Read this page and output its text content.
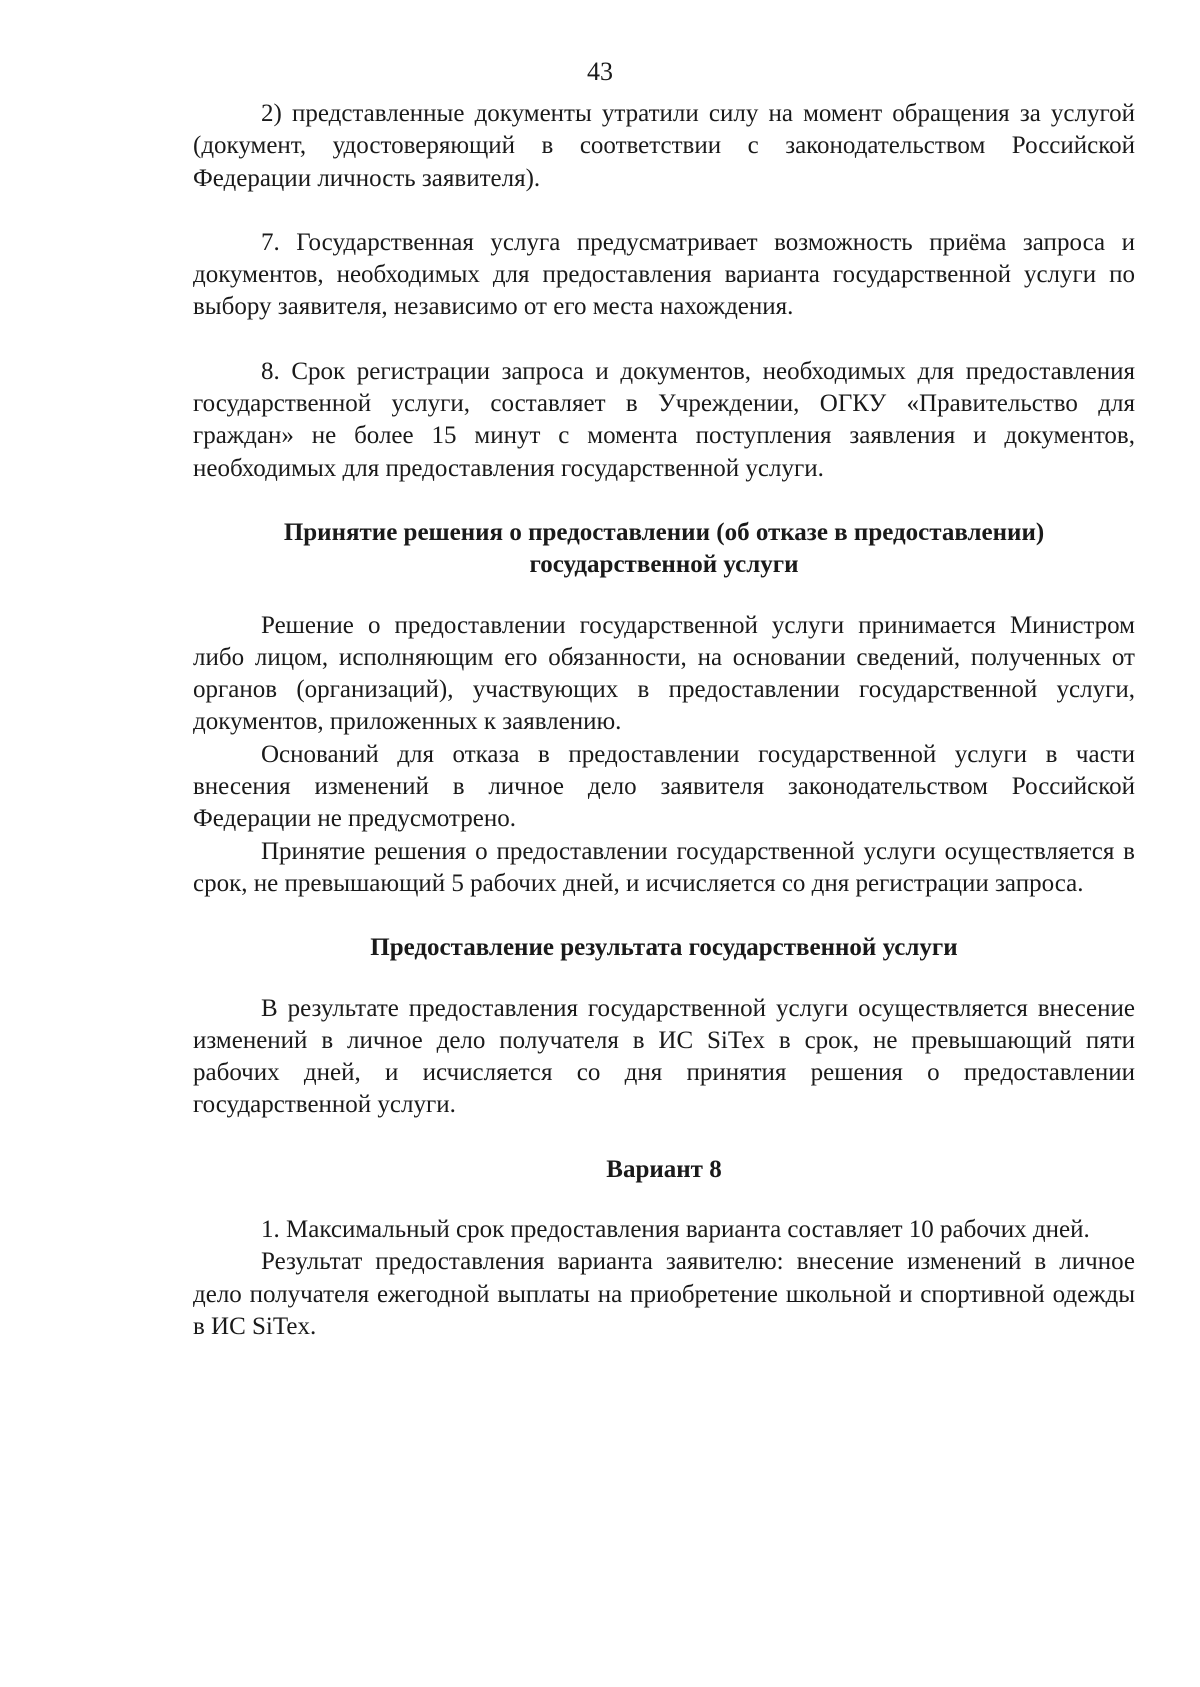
43

2) представленные документы утратили силу на момент обращения за услугой (документ, удостоверяющий в соответствии с законодательством Российской Федерации личность заявителя).

7. Государственная услуга предусматривает возможность приёма запроса и документов, необходимых для предоставления варианта государственной услуги по выбору заявителя, независимо от его места нахождения.

8. Срок регистрации запроса и документов, необходимых для предоставления государственной услуги, составляет в Учреждении, ОГКУ «Правительство для граждан» не более 15 минут с момента поступления заявления и документов, необходимых для предоставления государственной услуги.

Принятие решения о предоставлении (об отказе в предоставлении) государственной услуги

Решение о предоставлении государственной услуги принимается Министром либо лицом, исполняющим его обязанности, на основании сведений, полученных от органов (организаций), участвующих в предоставлении государственной услуги, документов, приложенных к заявлению.

Оснований для отказа в предоставлении государственной услуги в части внесения изменений в личное дело заявителя законодательством Российской Федерации не предусмотрено.

Принятие решения о предоставлении государственной услуги осуществляется в срок, не превышающий 5 рабочих дней, и исчисляется со дня регистрации запроса.

Предоставление результата государственной услуги

В результате предоставления государственной услуги осуществляется внесение изменений в личное дело получателя в ИС SiTex в срок, не превышающий пяти рабочих дней, и исчисляется со дня принятия решения о предоставлении государственной услуги.

Вариант 8

1. Максимальный срок предоставления варианта составляет 10 рабочих дней.

Результат предоставления варианта заявителю: внесение изменений в личное дело получателя ежегодной выплаты на приобретение школьной и спортивной одежды в ИС SiTex.
